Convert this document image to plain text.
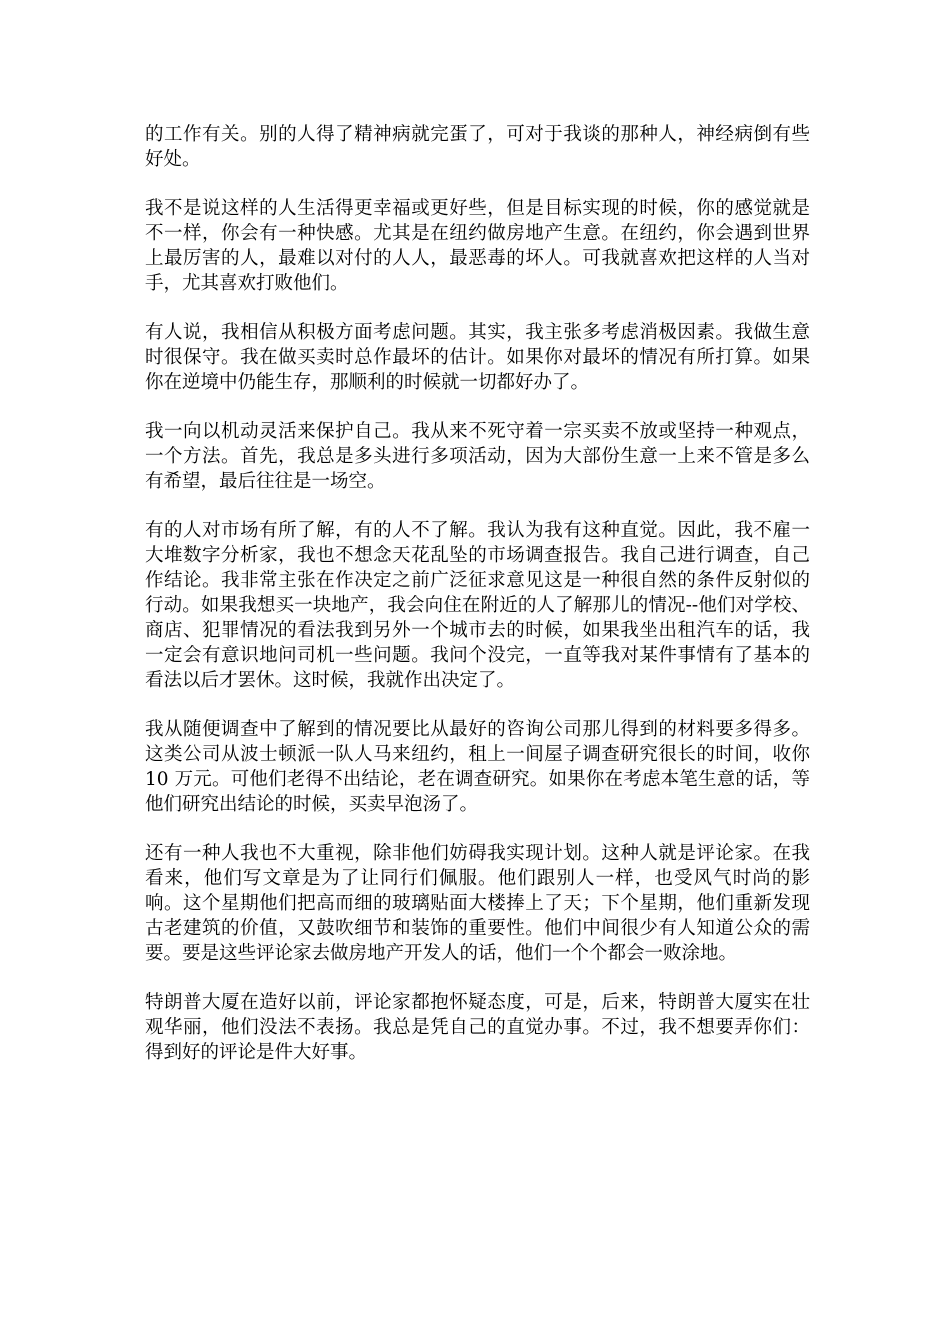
的工作有关。别的人得了精神病就完蛋了，可对于我谈的那种人，神经病倒有些好处。

我不是说这样的人生活得更幸福或更好些，但是目标实现的时候，你的感觉就是不一样，你会有一种快感。尤其是在纽约做房地产生意。在纽约，你会遇到世界上最厉害的人，最难以对付的人人，最恶毒的坏人。可我就喜欢把这样的人当对手，尤其喜欢打败他们。

有人说，我相信从积极方面考虑问题。其实，我主张多考虑消极因素。我做生意时很保守。我在做买卖时总作最坏的估计。如果你对最坏的情况有所打算。如果你在逆境中仍能生存，那顺利的时候就一切都好办了。

我一向以机动灵活来保护自己。我从来不死守着一宗买卖不放或坚持一种观点，一个方法。首先，我总是多头进行多项活动，因为大部份生意一上来不管是多么有希望，最后往往是一场空。

有的人对市场有所了解，有的人不了解。我认为我有这种直觉。因此，我不雇一大堆数字分析家，我也不想念天花乱坠的市场调查报告。我自己进行调查，自己作结论。我非常主张在作决定之前广泛征求意见这是一种很自然的条件反射似的行动。如果我想买一块地产，我会向住在附近的人了解那儿的情况--他们对学校、商店、犯罪情况的看法我到另外一个城市去的时候，如果我坐出租汽车的话，我一定会有意识地问司机一些问题。我问个没完，一直等我对某件事情有了基本的看法以后才罢休。这时候，我就作出决定了。

我从随便调查中了解到的情况要比从最好的咨询公司那儿得到的材料要多得多。这类公司从波士顿派一队人马来纽约，租上一间屋子调查研究很长的时间，收你 10 万元。可他们老得不出结论，老在调查研究。如果你在考虑本笔生意的话，等他们研究出结论的时候，买卖早泡汤了。

还有一种人我也不大重视，除非他们妨碍我实现计划。这种人就是评论家。在我看来，他们写文章是为了让同行们佩服。他们跟别人一样，也受风气时尚的影响。这个星期他们把高而细的玻璃贴面大楼捧上了天；下个星期，他们重新发现古老建筑的价值，又鼓吹细节和装饰的重要性。他们中间很少有人知道公众的需要。要是这些评论家去做房地产开发人的话，他们一个个都会一败涂地。

特朗普大厦在造好以前，评论家都抱怀疑态度，可是，后来，特朗普大厦实在壮观华丽，他们没法不表扬。我总是凭自己的直觉办事。不过，我不想要弄你们：得到好的评论是件大好事。
